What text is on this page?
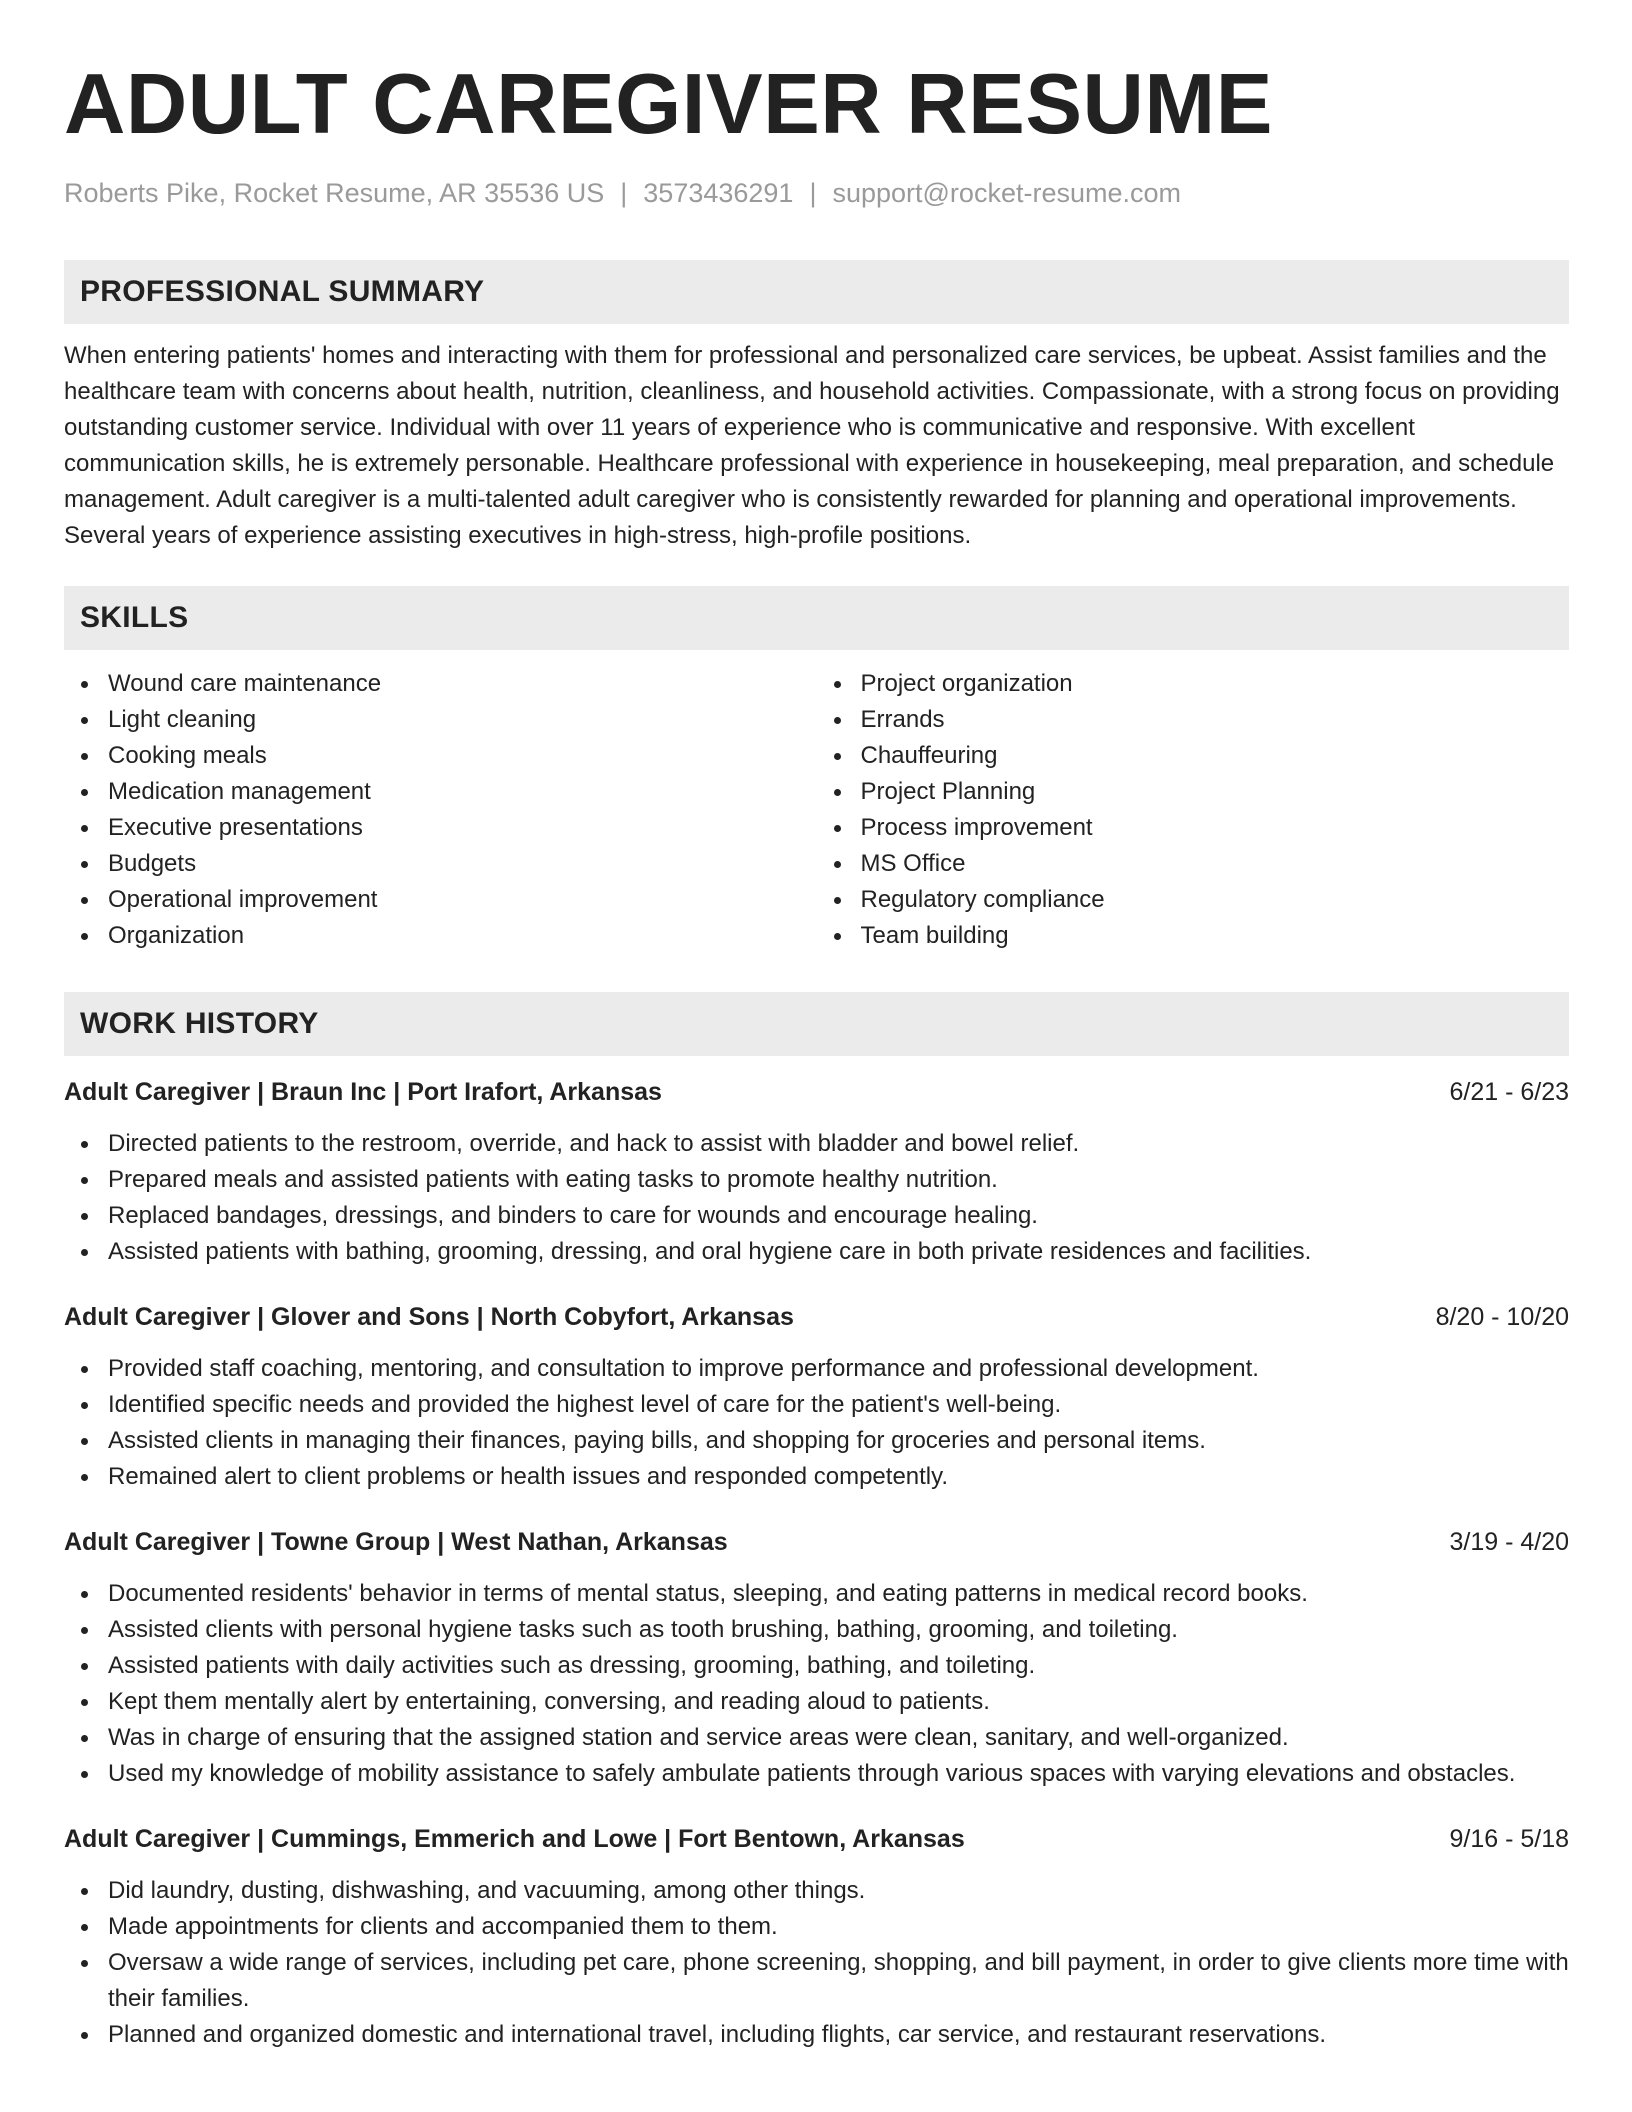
ADULT CAREGIVER RESUME
Roberts Pike, Rocket Resume, AR 35536 US | 3573436291 | support@rocket-resume.com
PROFESSIONAL SUMMARY

When entering patients' homes and interacting with them for professional and personalized care services, be upbeat. Assist families and the healthcare team with concerns about health, nutrition, cleanliness, and household activities. Compassionate, with a strong focus on providing outstanding customer service. Individual with over 11 years of experience who is communicative and responsive. With excellent communication skills, he is extremely personable. Healthcare professional with experience in housekeeping, meal preparation, and schedule management. Adult caregiver is a multi-talented adult caregiver who is consistently rewarded for planning and operational improvements. Several years of experience assisting executives in high-stress, high-profile positions.

SKILLS
Wound care maintenance
Light cleaning
Cooking meals
Medication management
Executive presentations
Budgets
Operational improvement
Organization
Project organization
Errands
Chauffeuring
Project Planning
Process improvement
MS Office
Regulatory compliance
Team building
WORK HISTORY
Adult Caregiver | Braun Inc | Port Irafort, Arkansas	6/21 - 6/23
Directed patients to the restroom, override, and hack to assist with bladder and bowel relief.
Prepared meals and assisted patients with eating tasks to promote healthy nutrition.
Replaced bandages, dressings, and binders to care for wounds and encourage healing.
Assisted patients with bathing, grooming, dressing, and oral hygiene care in both private residences and facilities.
Adult Caregiver | Glover and Sons | North Cobyfort, Arkansas	8/20 - 10/20
Provided staff coaching, mentoring, and consultation to improve performance and professional development.
Identified specific needs and provided the highest level of care for the patient's well-being.
Assisted clients in managing their finances, paying bills, and shopping for groceries and personal items.
Remained alert to client problems or health issues and responded competently.
Adult Caregiver | Towne Group | West Nathan, Arkansas	3/19 - 4/20
Documented residents' behavior in terms of mental status, sleeping, and eating patterns in medical record books.
Assisted clients with personal hygiene tasks such as tooth brushing, bathing, grooming, and toileting.
Assisted patients with daily activities such as dressing, grooming, bathing, and toileting.
Kept them mentally alert by entertaining, conversing, and reading aloud to patients.
Was in charge of ensuring that the assigned station and service areas were clean, sanitary, and well-organized.
Used my knowledge of mobility assistance to safely ambulate patients through various spaces with varying elevations and obstacles.
Adult Caregiver | Cummings, Emmerich and Lowe | Fort Bentown, Arkansas	9/16 - 5/18
Did laundry, dusting, dishwashing, and vacuuming, among other things.
Made appointments for clients and accompanied them to them.
Oversaw a wide range of services, including pet care, phone screening, shopping, and bill payment, in order to give clients more time with their families.
Planned and organized domestic and international travel, including flights, car service, and restaurant reservations.
